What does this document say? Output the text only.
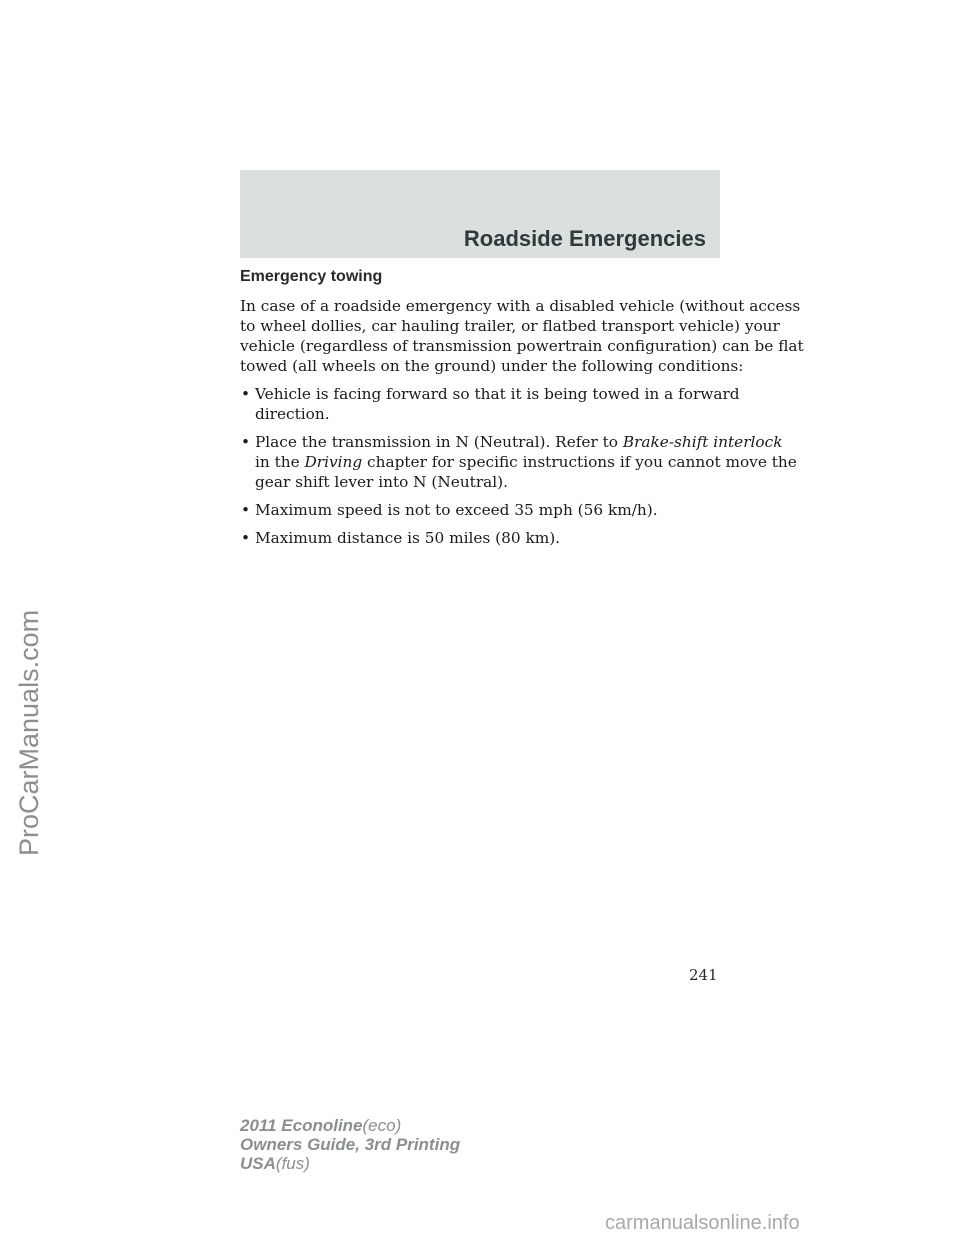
Roadside Emergencies
Emergency towing

In case of a roadside emergency with a disabled vehicle (without access
to wheel dollies, car hauling trailer, or flatbed transport vehicle) your
vehicle (regardless of transmission powertrain configuration) can be flat
towed (all wheels on the ground) under the following conditions:

• Vehicle is facing forward so that it is being towed in a forward
direction.
• Place the transmission in N (Neutral). Refer to Brake-shift interlock
in the Driving chapter for specific instructions if you cannot move the
gear shift lever into N (Neutral).
• Maximum speed is not to exceed 35 mph (56 km/h).
• Maximum distance is 50 miles (80 km).
241
2011 Econoline(eco)
Owners Guide, 3rd Printing
USA(fus)
ProCarManuals.com
carmanualsonline.info
